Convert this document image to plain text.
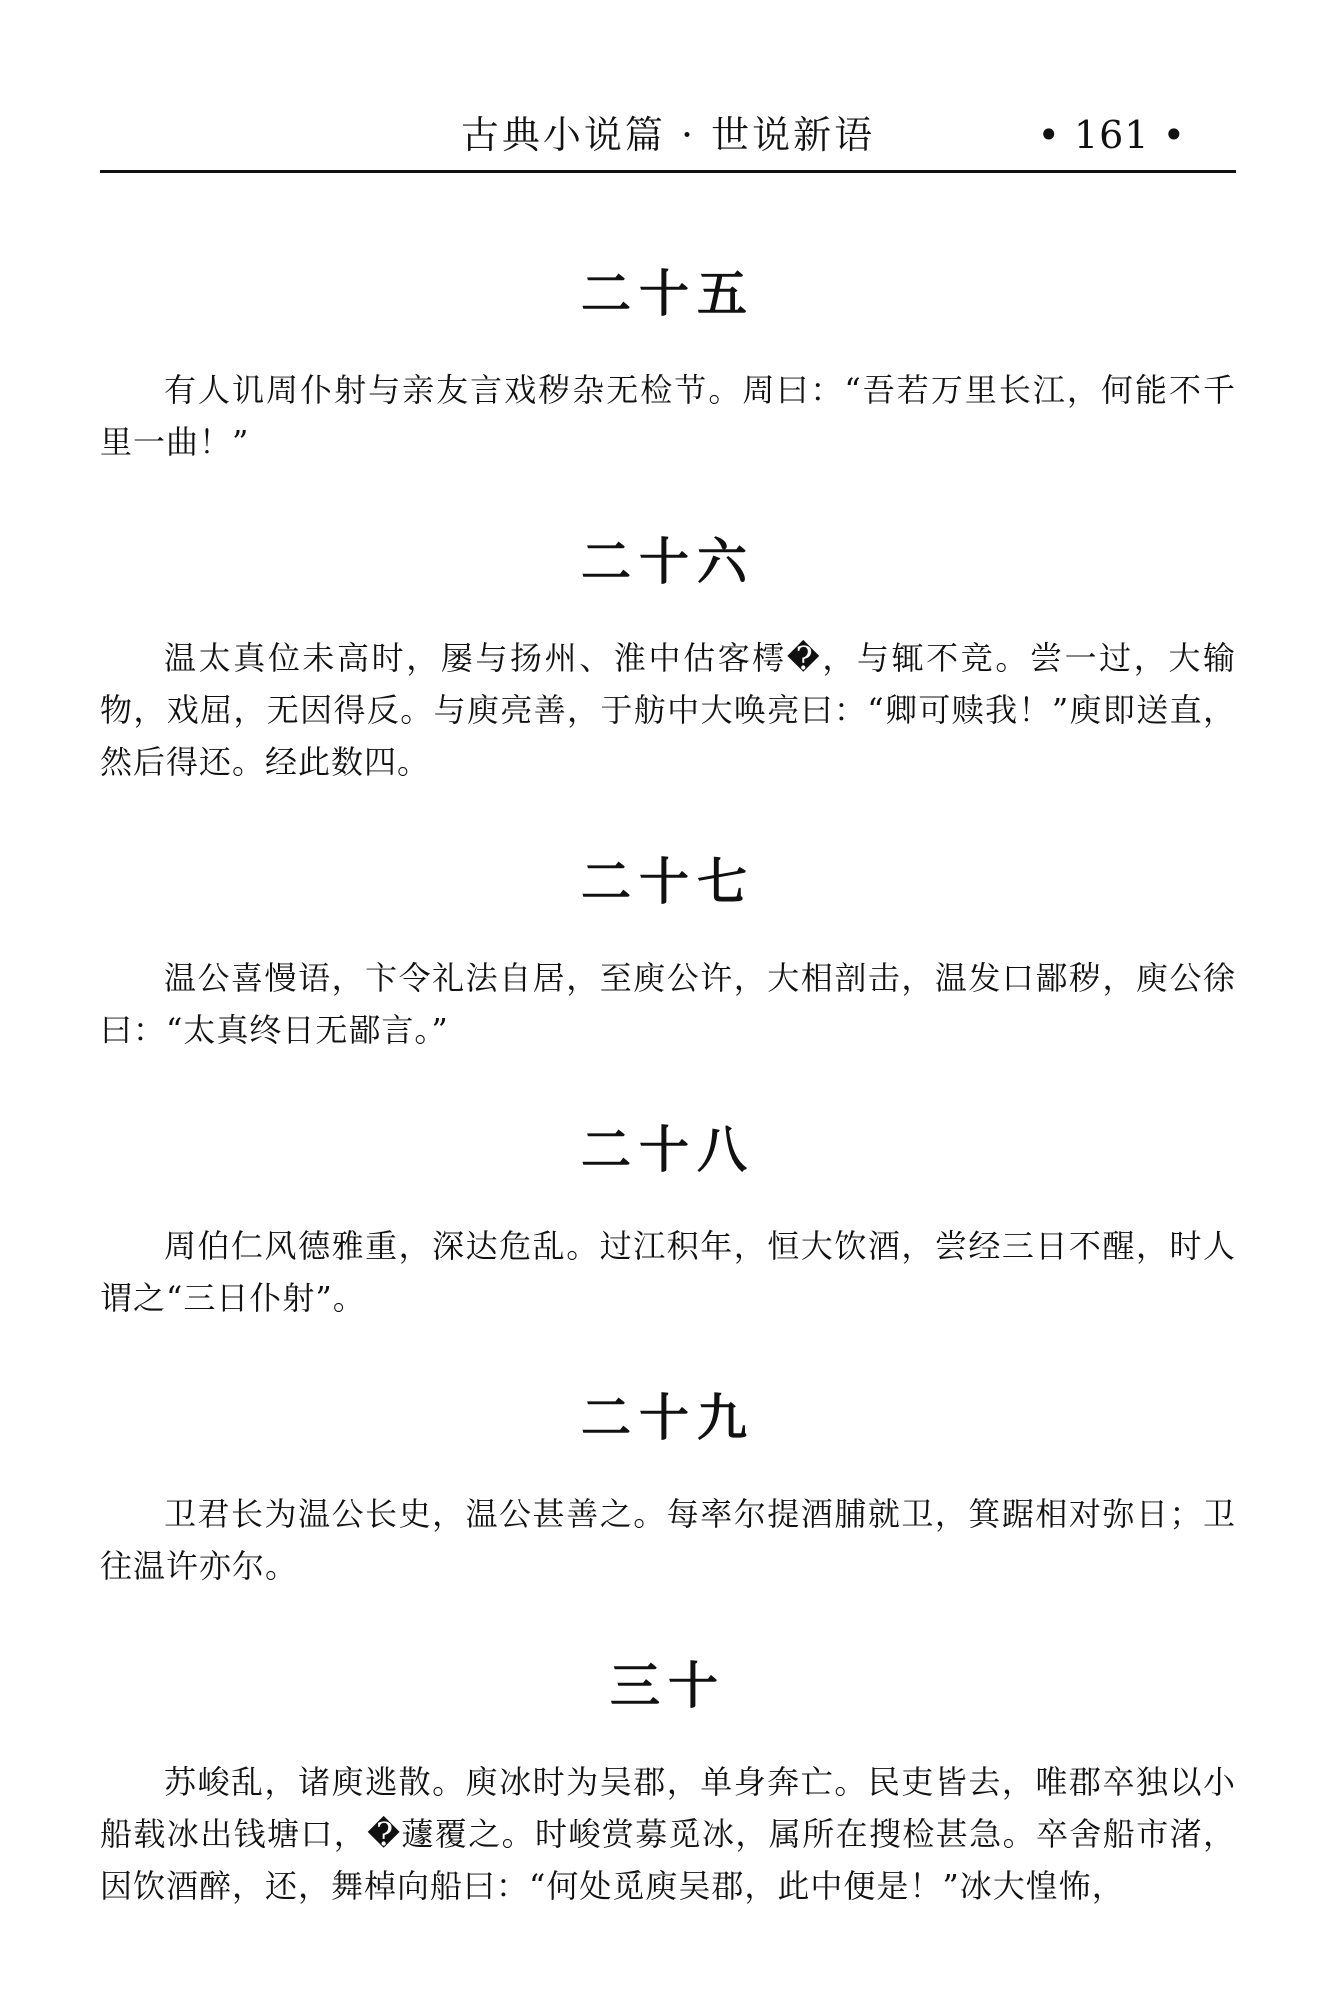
古典小说篇 · 世说新语	• 161 •
二十五

有人讥周仆射与亲友言戏秽杂无检节。周曰：“吾若万里长江，何能不千里一曲！”

二十六

温太真位未高时，屡与扬州、淮中估客樗�，与辄不竞。尝一过，大输物，戏屈，无因得反。与庾亮善，于舫中大唤亮曰：“卿可赎我！”庾即送直，然后得还。经此数四。

二十七

温公喜慢语，卞令礼法自居，至庾公许，大相剖击，温发口鄙秽，庾公徐曰：“太真终日无鄙言。”

二十八

周伯仁风德雅重，深达危乱。过江积年，恒大饮酒，尝经三日不醒，时人谓之“三日仆射”。

二十九

卫君长为温公长史，温公甚善之。每率尔提酒脯就卫，箕踞相对弥日；卫往温许亦尔。

三十

苏峻乱，诸庾逃散。庾冰时为吴郡，单身奔亡。民吏皆去，唯郡卒独以小船载冰出钱塘口，�蘧覆之。时峻赏募觅冰，属所在搜检甚急。卒舍船市渚，因饮酒醉，还，舞棹向船曰：“何处觅庾吴郡，此中便是！”冰大惶怖，
